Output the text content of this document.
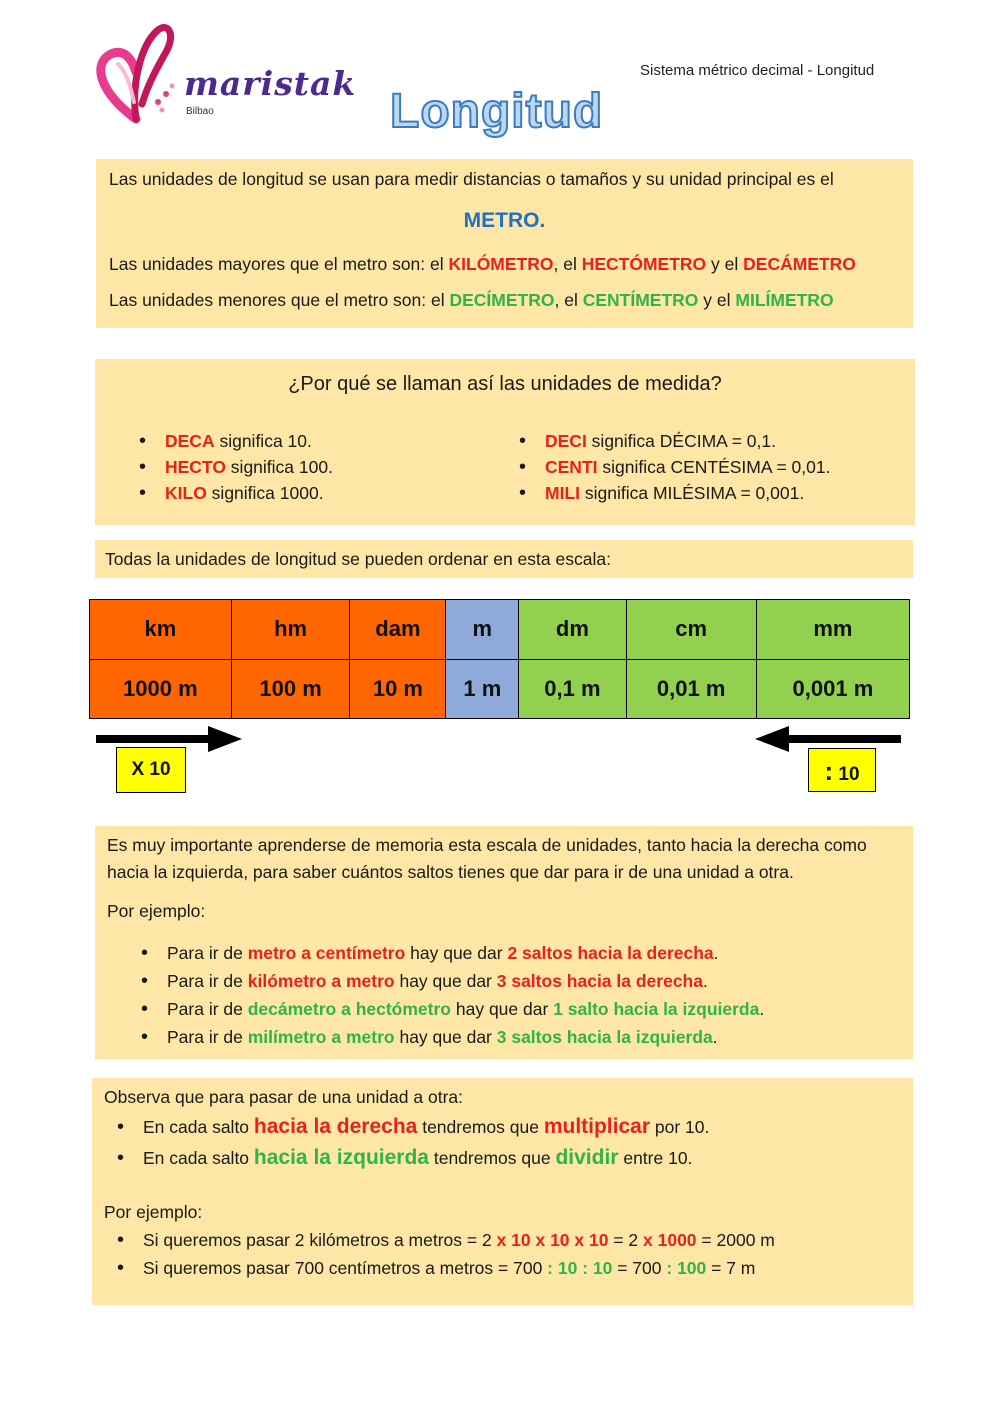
maristak
Bilbao
Sistema métrico decimal - Longitud
Longitud

Las unidades de longitud se usan para medir distancias o tamaños y su unidad principal es el

METRO.

Las unidades mayores que el metro son: el KILÓMETRO, el HECTÓMETRO y el DECÁMETRO

Las unidades menores que el metro son: el DECÍMETRO, el CENTÍMETRO y el MILÍMETRO

¿Por qué se llaman así las unidades de medida?

• DECA significa 10.
• HECTO significa 100.
• KILO significa 1000.
• DECI significa DÉCIMA = 0,1.
• CENTI significa CENTÉSIMA = 0,01.
• MILI significa MILÉSIMA = 0,001.

Todas la unidades de longitud se pueden ordenar en esta escala:

km	hm	dam	m	dm	cm	mm
1000 m	100 m	10 m	1 m	0,1 m	0,01 m	0,001 m
X 10	: 10

Es muy importante aprenderse de memoria esta escala de unidades, tanto hacia la derecha como hacia la izquierda, para saber cuántos saltos tienes que dar para ir de una unidad a otra.

Por ejemplo:

• Para ir de metro a centímetro hay que dar 2 saltos hacia la derecha.
• Para ir de kilómetro a metro hay que dar 3 saltos hacia la derecha.
• Para ir de decámetro a hectómetro hay que dar 1 salto hacia la izquierda.
• Para ir de milímetro a metro hay que dar 3 saltos hacia la izquierda.

Observa que para pasar de una unidad a otra:

Por ejemplo:

• En cada salto hacia la derecha tendremos que multiplicar por 10.
• En cada salto hacia la izquierda tendremos que dividir entre 10.
• Si queremos pasar 2 kilómetros a metros = 2 x 10 x 10 x 10 = 2 x 1000 = 2000 m
• Si queremos pasar 700 centímetros a metros = 700 : 10 : 10 = 700 : 100 = 7 m
